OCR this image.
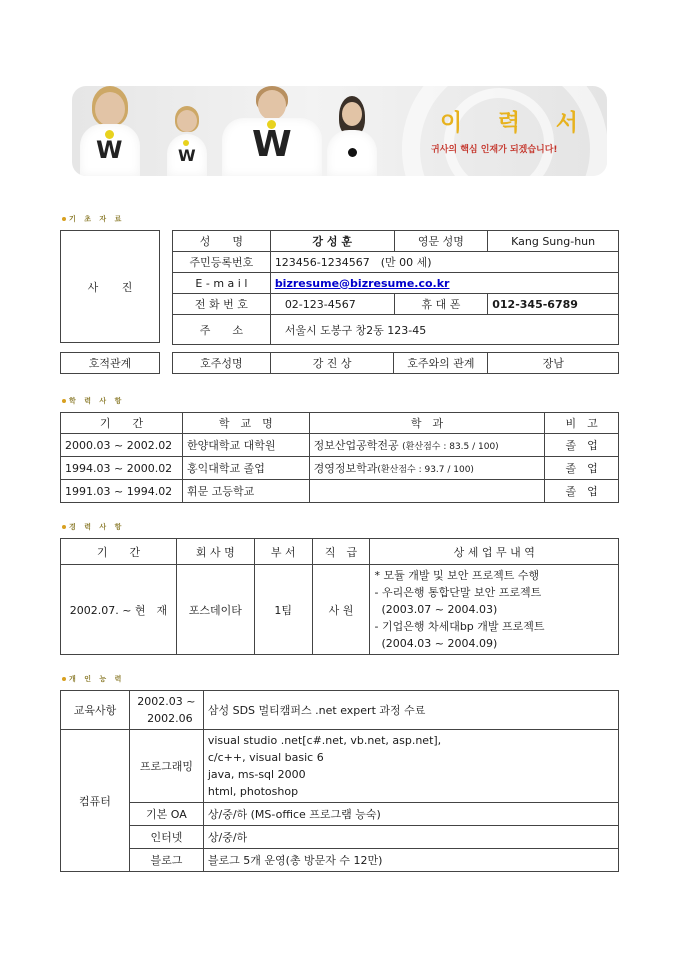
W	W W
이 력 서
귀사의 핵심 인재가 되겠습니다!
기 초 자 료
사 진
성　　명	강 성 훈	영문 성명	Kang Sung-hun
주민등록번호	123456-1234567　(만 00 세)		
E - m a i l	bizresume@bizresume.co.kr		
전 화 번 호	02-123-4567	휴 대 폰	012-345-6789
주　　소	서울시 도봉구 창2동 123-45		
호적관계	호주성명	강 진 상	호주와의 관계	장남
학 력 사 항
기　　간	학　교　명	학　과	비　고
2000.03 ~ 2002.02	한양대학교 대학원	정보산업공학전공 (환산점수 : 83.5 / 100)	졸　업
1994.03 ~ 2000.02	홍익대학교 졸업	경영정보학과(환산점수 : 93.7 / 100)	졸　업
1991.03 ~ 1994.02	휘문 고등학교		졸　업
경 력 사 항
기　　간	회 사 명	부 서	직　급	상 세 업 무 내 역
2002.07. ~ 현　재	포스데이타	1팀	사 원	* 모듈 개발 및 보안 프로젝트 수행
- 우리은행 통합단말 보안 프로젝트
(2003.07 ~ 2004.03)
- 기업은행 차세대bp 개발 프로젝트
(2004.03 ~ 2004.09)
개 인 능 력
교육사항	2002.03 ~
2002.06	삼성 SDS 멀티캠퍼스 .net expert 과정 수료
컴퓨터	프로그래밍	visual studio .net[c#.net, vb.net, asp.net],
c/c++, visual basic 6
java, ms-sql 2000
html, photoshop
	기본 OA	상/중/하 (MS-office 프로그램 능숙)
	인터넷	상/중/하
	블로그	블로그 5개 운영(총 방문자 수 12만)
